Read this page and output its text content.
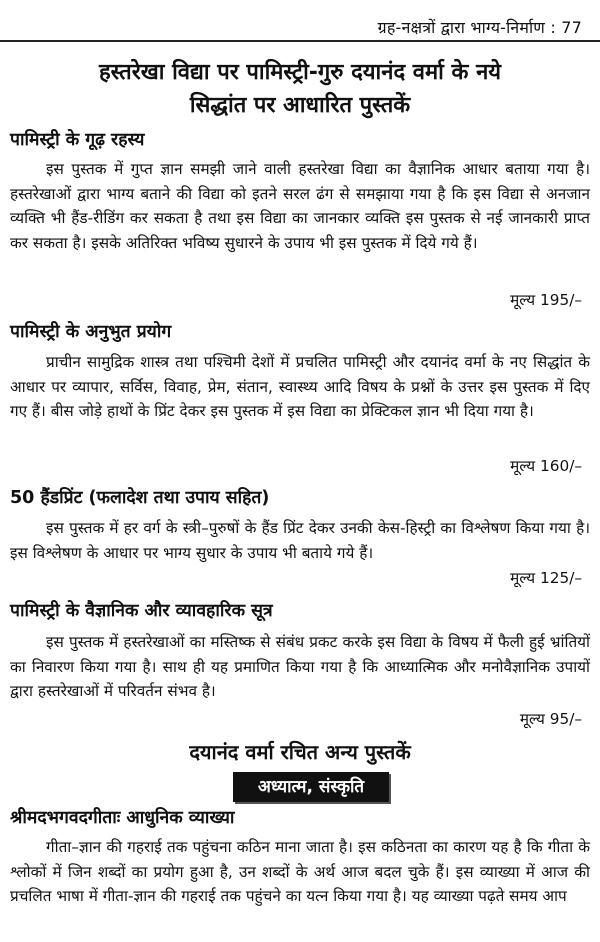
ग्रह-नक्षत्रों द्वारा भाग्य-निर्माण : 77
हस्तरेखा विद्या पर पामिस्ट्री-गुरु दयानंद वर्मा के नये
सिद्धांत पर आधारित पुस्तकें
पामिस्ट्री के गूढ़ रहस्य
इस पुस्तक में गुप्त ज्ञान समझी जाने वाली हस्तरेखा विद्या का वैज्ञानिक आधार बताया गया है। हस्तरेखाओं द्वारा भाग्य बताने की विद्या को इतने सरल ढंग से समझाया गया है कि इस विद्या से अनजान व्यक्ति भी हैंड-रीडिंग कर सकता है तथा इस विद्या का जानकार व्यक्ति इस पुस्तक से नई जानकारी प्राप्त कर सकता है। इसके अतिरिक्त भविष्य सुधारने के उपाय भी इस पुस्तक में दिये गये हैं।
मूल्य 195/–
पामिस्ट्री के अनुभुत प्रयोग
प्राचीन सामुद्रिक शास्त्र तथा पश्चिमी देशों में प्रचलित पामिस्ट्री और दयानंद वर्मा के नए सिद्धांत के आधार पर व्यापार, सर्विस, विवाह, प्रेम, संतान, स्वास्थ्य आदि विषय के प्रश्नों के उत्तर इस पुस्तक में दिए गए हैं। बीस जोड़े हाथों के प्रिंट देकर इस पुस्तक में इस विद्या का प्रेक्टिकल ज्ञान भी दिया गया है।
मूल्य 160/–
50 हैंडप्रिंट (फलादेश तथा उपाय सहित)
इस पुस्तक में हर वर्ग के स्त्री–पुरुषों के हैंड प्रिंट देकर उनकी केस-हिस्ट्री का विश्लेषण किया गया है। इस विश्लेषण के आधार पर भाग्य सुधार के उपाय भी बताये गये हैं।
मूल्य 125/–
पामिस्ट्री के वैज्ञानिक और व्यावहारिक सूत्र
इस पुस्तक में हस्तरेखाओं का मस्तिष्क से संबंध प्रकट करके इस विद्या के विषय में फैली हुई भ्रांतियों का निवारण किया गया है। साथ ही यह प्रमाणित किया गया है कि आध्यात्मिक और मनोवैज्ञानिक उपायों द्वारा हस्तरेखाओं में परिवर्तन संभव है।
मूल्य 95/–
दयानंद वर्मा रचित अन्य पुस्तकें
अध्यात्म, संस्कृति
श्रीमदभगवदगीताः आधुनिक व्याख्या
गीता–ज्ञान की गहराई तक पहुंचना कठिन माना जाता है। इस कठिनता का कारण यह है कि गीता के श्लोकों में जिन शब्दों का प्रयोग हुआ है, उन शब्दों के अर्थ आज बदल चुके हैं। इस व्याख्या में आज की प्रचलित भाषा में गीता-ज्ञान की गहराई तक पहुंचने का यत्न किया गया है। यह व्याख्या पढ़ते समय आप
